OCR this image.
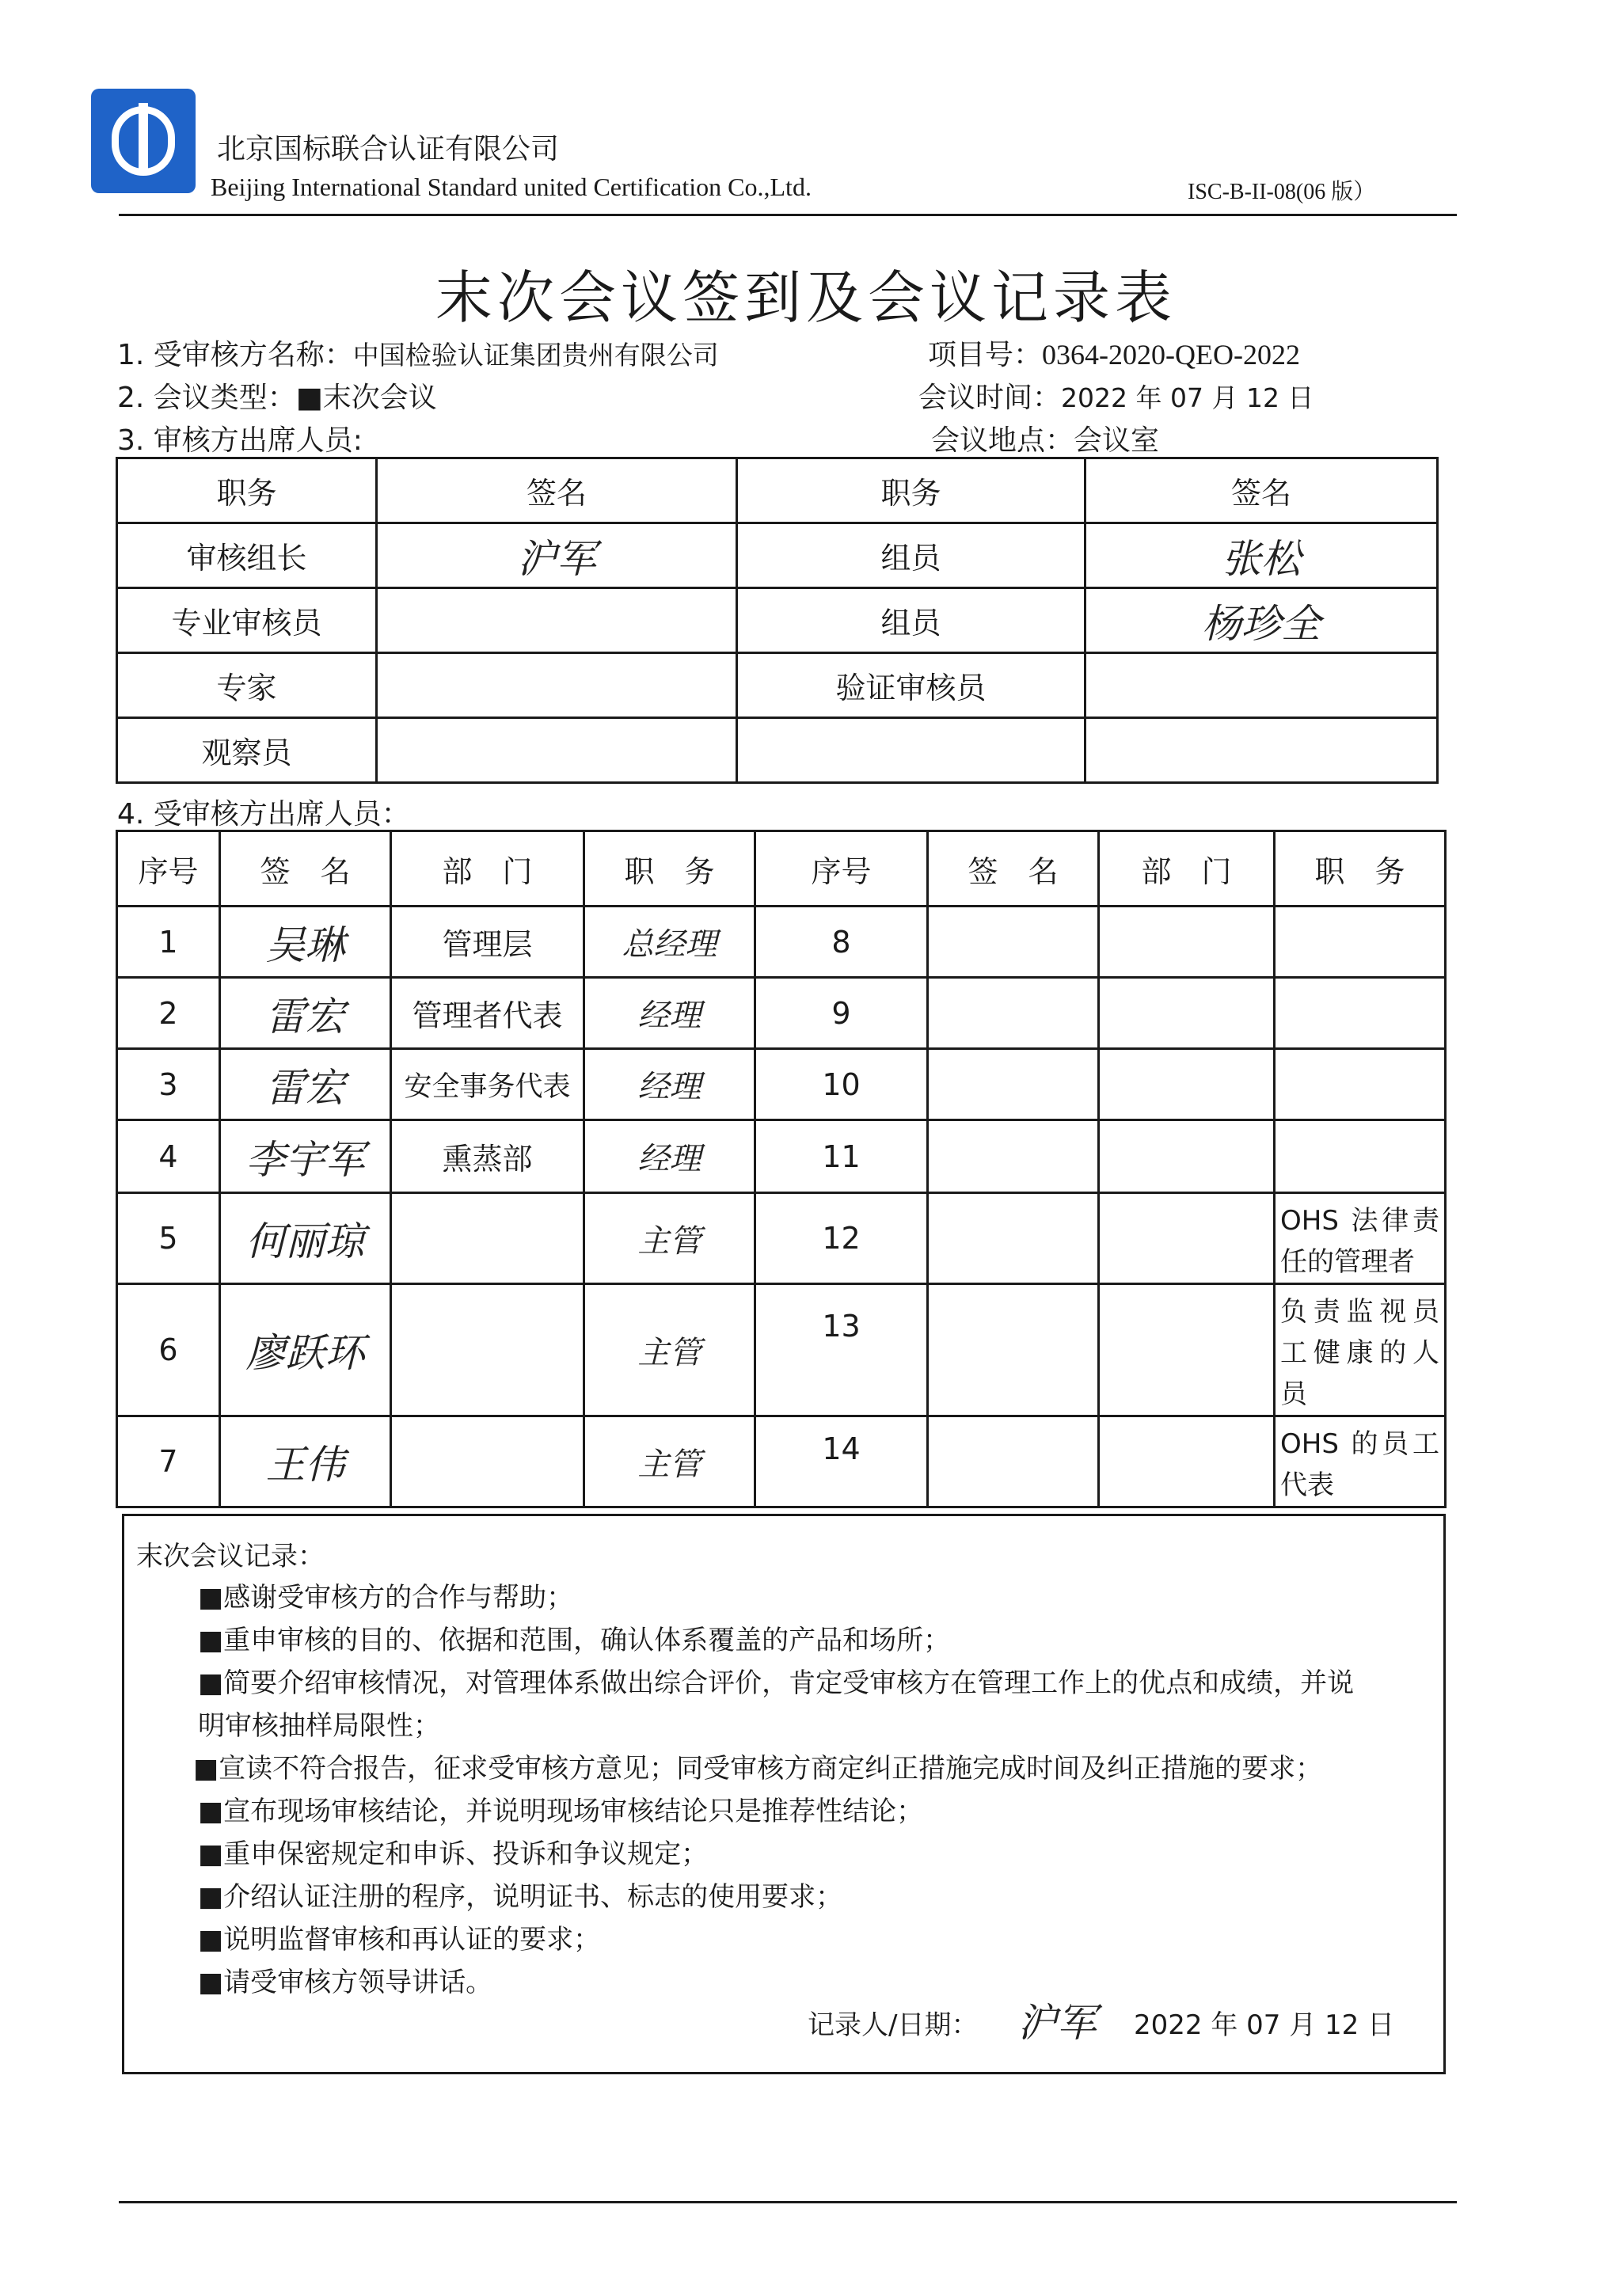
北京国标联合认证有限公司
Beijing International Standard united Certification Co.,Ltd.	ISC-B-II-08(06 版）
末次会议签到及会议记录表
1. 受审核方名称：中国检验认证集团贵州有限公司	项目号：0364-2020-QEO-2022
2. 会议类型：■末次会议	会议时间：2022 年 07 月 12 日
3. 审核方出席人员:	会议地点：会议室
职务	签名	职务	签名
审核组长	沪军	组员	张松
专业审核员		组员	杨珍全
专家		验证审核员	
观察员			
4. 受审核方出席人员：
序号	签　名	部　门	职　务	序号	签　名	部　门	职　务
1	吴琳	管理层	总经理	8			
2	雷宏	管理者代表	经理	9			
3	雷宏	安全事务代表	经理	10			
4	李宇军	熏蒸部	经理	11			
5	何丽琼		主管	12			OHS 法律责任的管理者
6	廖跃环		主管	13			负责监视员工健康的人员
7	王伟		主管	14			OHS 的员工代表
末次会议记录：
■感谢受审核方的合作与帮助；
■重申审核的目的、依据和范围，确认体系覆盖的产品和场所；
■简要介绍审核情况，对管理体系做出综合评价，肯定受审核方在管理工作上的优点和成绩，并说
明审核抽样局限性；
■宣读不符合报告，征求受审核方意见；同受审核方商定纠正措施完成时间及纠正措施的要求；
■宣布现场审核结论，并说明现场审核结论只是推荐性结论；
■重申保密规定和申诉、投诉和争议规定；
■介绍认证注册的程序，说明证书、标志的使用要求；
■说明监督审核和再认证的要求；
■请受审核方领导讲话。
记录人/日期： 沪军 2022 年 07 月 12 日
